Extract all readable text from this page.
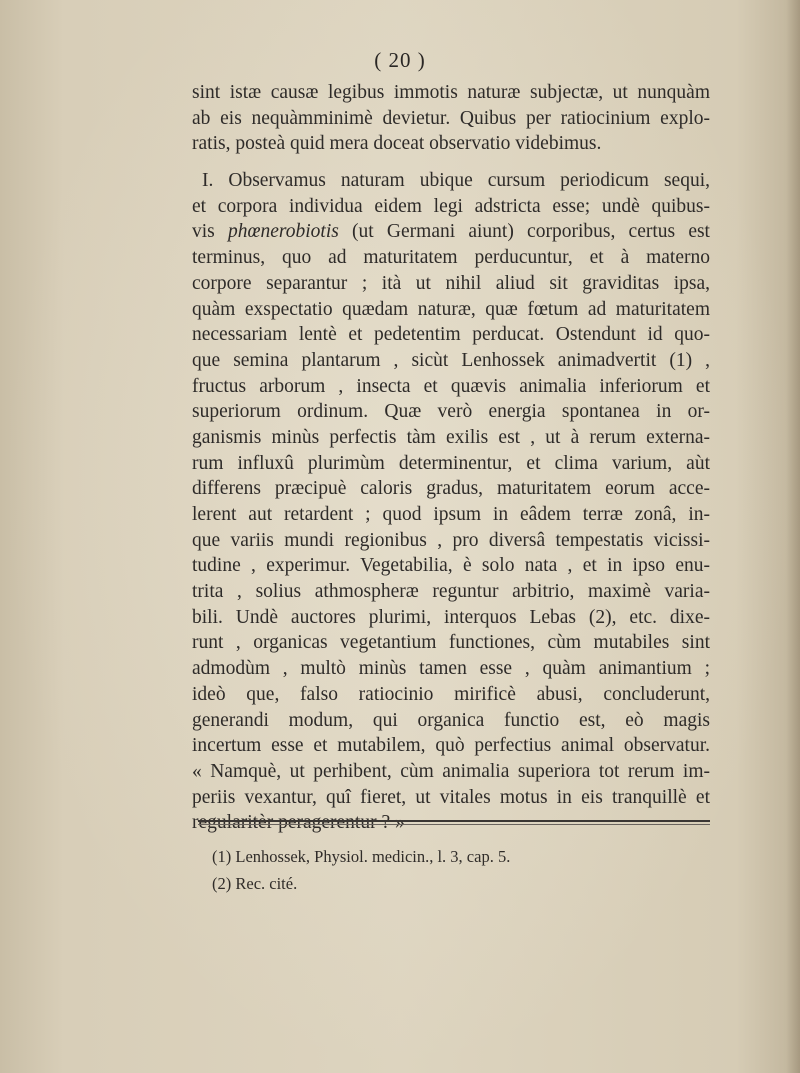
( 20 )
sint istæ causæ legibus immotis naturæ subjectæ, ut nunquàm
ab eis nequàmminimè devietur. Quibus per ratiocinium explo-
ratis, posteà quid mera doceat observatio videbimus.
I. Observamus naturam ubique cursum periodicum sequi,
et corpora individua eidem legi adstricta esse; undè quibus-
vis phœnerobiotis (ut Germani aiunt) corporibus, certus est
terminus, quo ad maturitatem perducuntur, et à materno
corpore separantur ; ità ut nihil aliud sit graviditas ipsa,
quàm exspectatio quædam naturæ, quæ fœtum ad maturitatem
necessariam lentè et pedetentim perducat. Ostendunt id quo-
que semina plantarum , sicùt Lenhossek animadvertit (1) ,
fructus arborum , insecta et quævis animalia inferiorum et
superiorum ordinum. Quæ verò energia spontanea in or-
ganismis minùs perfectis tàm exilis est , ut à rerum externa-
rum influxû plurimùm determinentur, et clima varium, aùt
differens præcipuè caloris gradus, maturitatem eorum acce-
lerent aut retardent ; quod ipsum in eâdem terræ zonâ, in-
que variis mundi regionibus , pro diversâ tempestatis vicissi-
tudine , experimur. Vegetabilia, è solo nata , et in ipso enu-
trita , solius athmospheræ reguntur arbitrio, maximè varia-
bili. Undè auctores plurimi, interquos Lebas (2), etc. dixe-
runt , organicas vegetantium functiones, cùm mutabiles sint
admodùm , multò minùs tamen esse , quàm animantium ;
ideò que, falso ratiocinio mirificè abusi, concluderunt,
generandi modum, qui organica functio est, eò magis
incertum esse et mutabilem, quò perfectius animal observatur.
« Namquè, ut perhibent, cùm animalia superiora tot rerum im-
periis vexantur, quî fieret, ut vitales motus in eis tranquillè et
regularitèr peragerentur ? »
(1) Lenhossek, Physiol. medicin., l. 3, cap. 5.
(2) Rec. cité.
